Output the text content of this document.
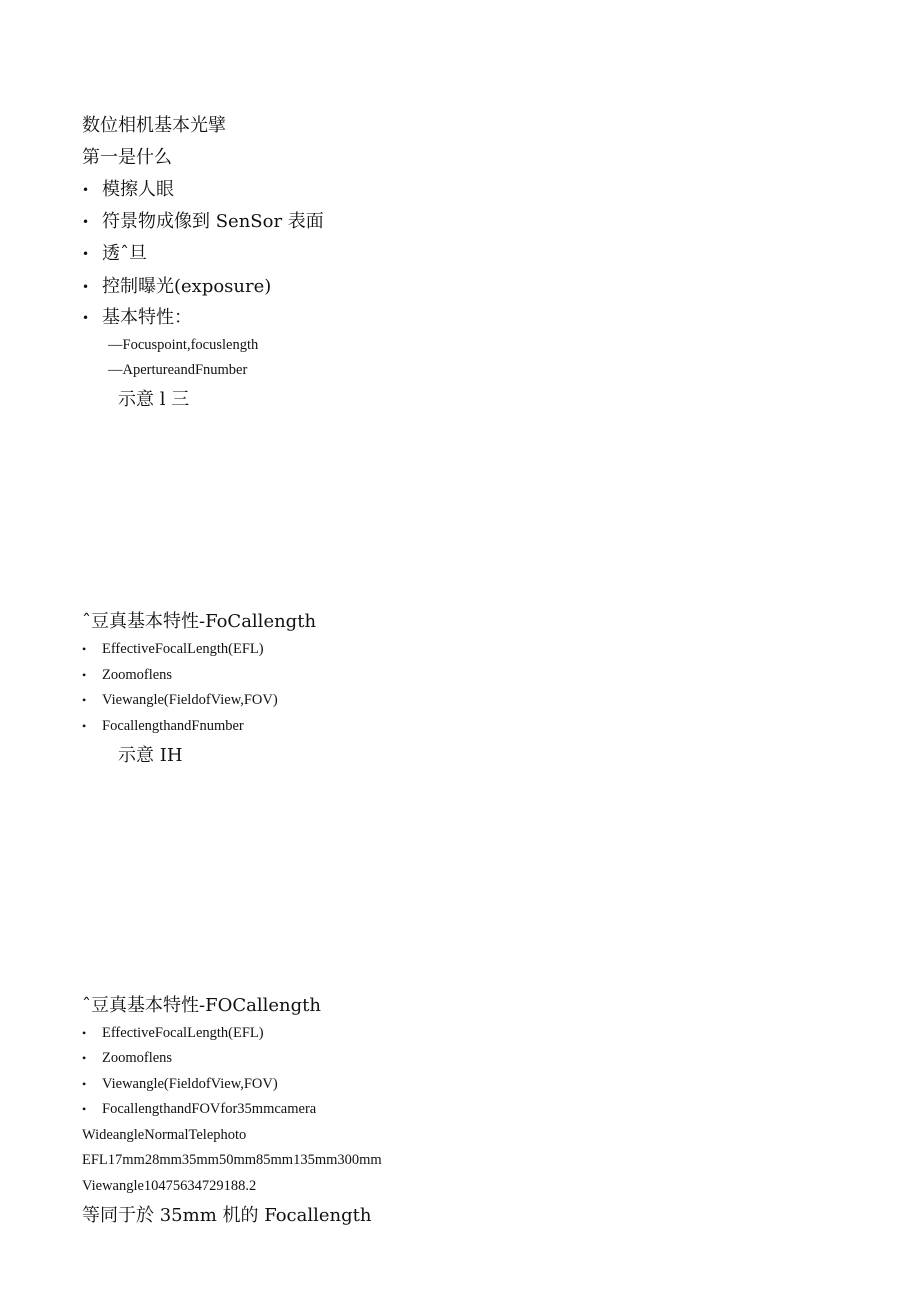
数位相机基本光擘
第一是什么
• 模擦人眼
• 符景物成像到 SenSor 表面
• 透ˆ旦
• 控制曝光(exposure)
• 基本特性：
—Focuspoint,focuslength
—ApertureandFnumber
示意 l 三
ˆ豆真基本特性-FoCallength
• EffectiveFocalLength(EFL)
• Zoomoflens
• Viewangle(FieldofView,FOV)
• FocallengthandFnumber
示意 IH
ˆ豆真基本特性-FOCallength
• EffectiveFocalLength(EFL)
• Zoomoflens
• Viewangle(FieldofView,FOV)
• FocallengthandFOVfor35mmcamera
WideangleNormalTelephoto
EFL17mm28mm35mm50mm85mm135mm300mm
Viewangle10475634729188.2
等同于於 35mm 机的 Focallength
